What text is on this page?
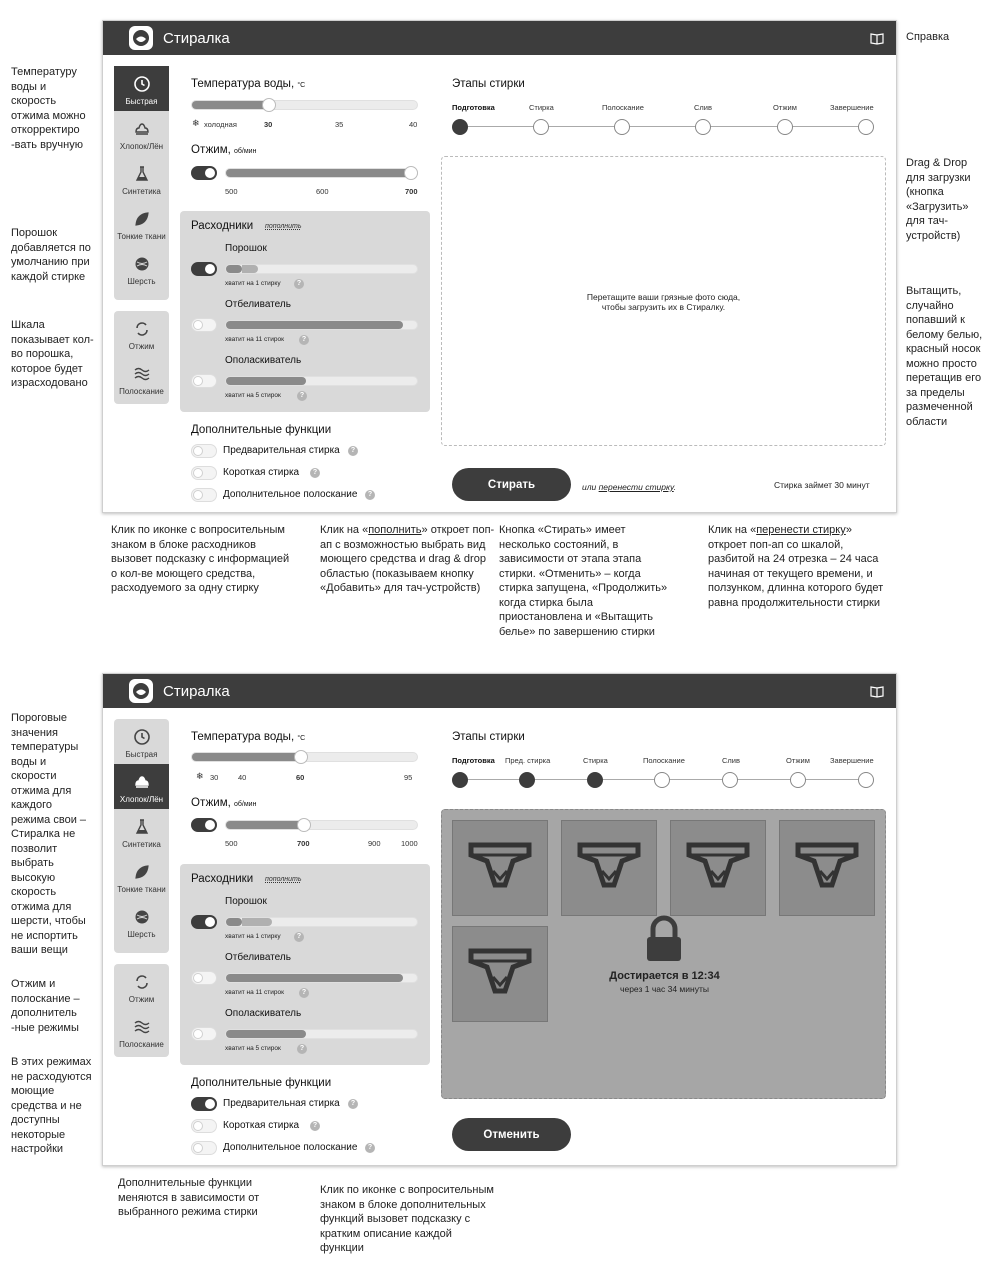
Справка
Температуру воды и скорость отжима можно откорректиро -вать вручную
Порошок добавляется по умолчанию при каждой стирке
Шкала показывает кол-во порошка, которое будет израсходовано
Drag & Drop для загрузки (кнопка «Загрузить» для тач-устройств)
Вытащить, случайно попавший к белому белью, красный носок можно просто перетащив его за пределы размеченной области
Клик по иконке с вопросительным знаком в блоке расходников вызовет подсказку с информацией о кол-ве моющего средства, расходуемого за одну стирку
Клик на «пополнить» откроет поп-ап с возможностью выбрать вид моющего средства и drag & drop областью (показываем кнопку «Добавить» для тач-устройств)
Кнопка «Стирать» имеет несколько состояний, в зависимости от этапа этапа стирки. «Отменить» – когда стирка запущена, «Продолжить» когда стирка была приостановлена и «Вытащить белье» по завершению стирки
Клик на «перенести стирку» откроет поп-ап со шкалой, разбитой на 24 отрезка – 24 часа начиная от текущего времени, и ползунком, длинна которого будет равна продолжительности стирки
Пороговые значения температуры воды и скорости отжима для каждого режима свои – Стиралка не позволит выбрать высокую скорость отжима для шерсти, чтобы не испортить ваши вещи
Отжим и полоскание – дополнитель -ные режимы
В этих режимах не расходуются моющие средства и не доступны некоторые настройки
Дополнительные функции меняются в зависимости от выбранного режима стирки
Клик по иконке с вопросительным знаком в блоке дополнительных функций вызовет подсказку с кратким описание каждой функции
Стиралка
Быстрая
Хлопок/Лён
Синтетика
Тонкие ткани
Шерсть
Отжим
Полоскание
Температура воды, °C
❄ холодная	30	35	40
Отжим, об/мин
500	600	700
Расходники пополнить
Порошок
хватит на 1 стирку	?
Отбеливатель
хватит на 11 стирок	?
Ополаскиватель
хватит на 5 стирок	?
Дополнительные функции
Предварительная стирка	?
Короткая стирка	?
Дополнительное полоскание	?
Этапы стирки
Подготовка	Стирка	Полоскание	Слив	Отжим	Завершение
Перетащите ваши грязные фото сюда,
чтобы загрузить их в Стиралку.
Стирать	или перенести стирку.	Стирка займет 30 минут
Стиралка
Быстрая
Хлопок/Лён
Синтетика
Тонкие ткани
Шерсть
Отжим
Полоскание
Температура воды, °C
❄ 30	40	60	95
Отжим, об/мин
500	700	900	1000
Расходники пополнить
Порошок
хватит на 1 стирку	?
Отбеливатель
хватит на 11 стирок	?
Ополаскиватель
хватит на 5 стирок	?
Дополнительные функции
Предварительная стирка	?
Короткая стирка	?
Дополнительное полоскание	?
Этапы стирки
Подготовка Пред. стирка	Стирка	Полоскание	Слив	Отжим	Завершение
Достирается в 12:34
через 1 час 34 минуты
Отменить
